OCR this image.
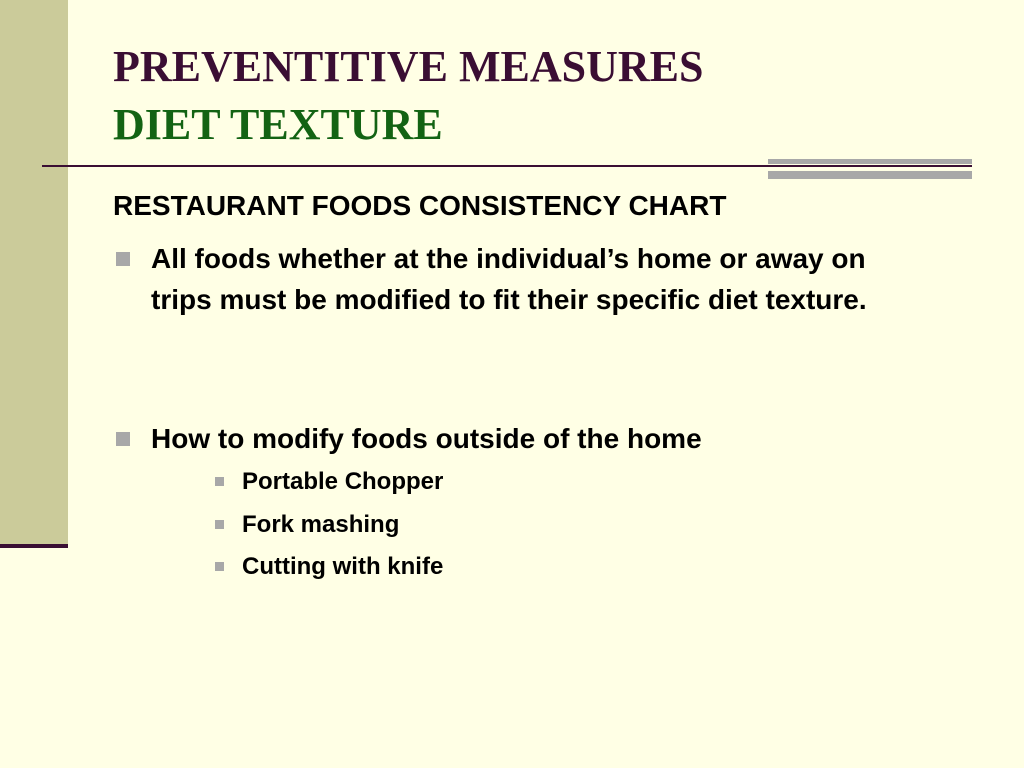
PREVENTITIVE MEASURES
DIET TEXTURE
RESTAURANT FOODS CONSISTENCY CHART
All foods whether at the individual’s home or away on trips must be modified to fit their specific diet texture.
How to modify foods outside of the home
Portable Chopper
Fork mashing
Cutting with knife
